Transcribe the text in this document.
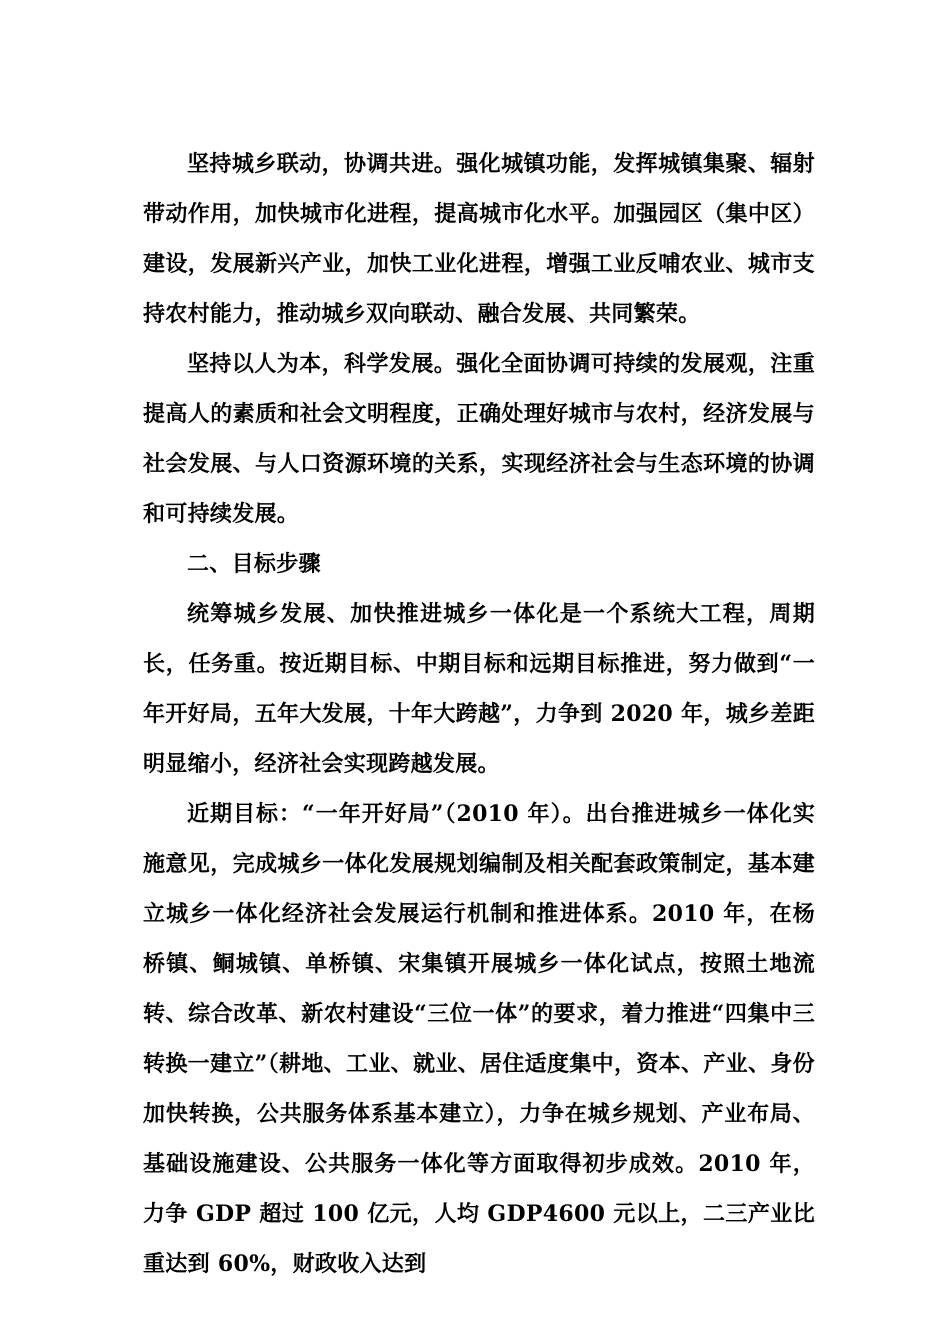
坚持城乡联动，协调共进。强化城镇功能，发挥城镇集聚、辐射带动作用，加快城市化进程，提高城市化水平。加强园区（集中区）建设，发展新兴产业，加快工业化进程，增强工业反哺农业、城市支持农村能力，推动城乡双向联动、融合发展、共同繁荣。

坚持以人为本，科学发展。强化全面协调可持续的发展观，注重提高人的素质和社会文明程度，正确处理好城市与农村，经济发展与社会发展、与人口资源环境的关系，实现经济社会与生态环境的协调和可持续发展。

二、目标步骤

统筹城乡发展、加快推进城乡一体化是一个系统大工程，周期长，任务重。按近期目标、中期目标和远期目标推进，努力做到“一年开好局，五年大发展，十年大跨越”，力争到 2020 年，城乡差距明显缩小，经济社会实现跨越发展。

近期目标：“一年开好局”（2010 年）。出台推进城乡一体化实施意见，完成城乡一体化发展规划编制及相关配套政策制定，基本建立城乡一体化经济社会发展运行机制和推进体系。2010 年，在杨桥镇、鲖城镇、单桥镇、宋集镇开展城乡一体化试点，按照土地流转、综合改革、新农村建设“三位一体”的要求，着力推进“四集中三转换一建立”（耕地、工业、就业、居住适度集中，资本、产业、身份加快转换，公共服务体系基本建立），力争在城乡规划、产业布局、基础设施建设、公共服务一体化等方面取得初步成效。2010 年，力争 GDP 超过 100 亿元，人均 GDP4600 元以上，二三产业比重达到 60%，财政收入达到
